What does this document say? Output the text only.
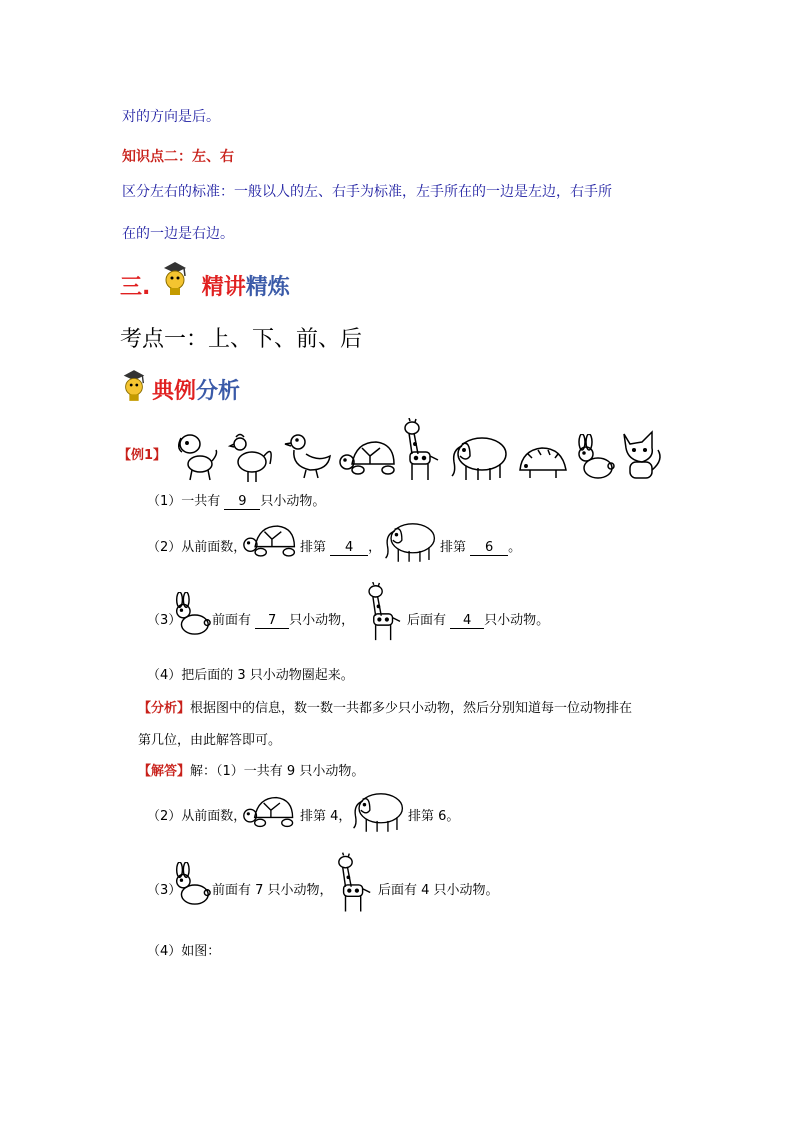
对的方向是后。
知识点二：左、右
区分左右的标准：一般以人的左、右手为标准，左手所在的一边是左边，右手所
在的一边是右边。
三. 精讲精炼
考点一：上、下、前、后
典例分析
【例1】
（1）一共有 9 只小动物。
（2）从前面数，	排第 4 ，	排第 6 。
（3） 前面有 7 只小动物，	后面有 4 只小动物。
（4）把后面的 3 只小动物圈起来。
【分析】根据图中的信息，数一数一共都多少只小动物，然后分别知道每一位动物排在
第几位，由此解答即可。
【解答】解：（1）一共有 9 只小动物。
（2）从前面数，	排第 4，	排第 6。
（3） 前面有 7 只小动物，	后面有 4 只小动物。
（4）如图：
